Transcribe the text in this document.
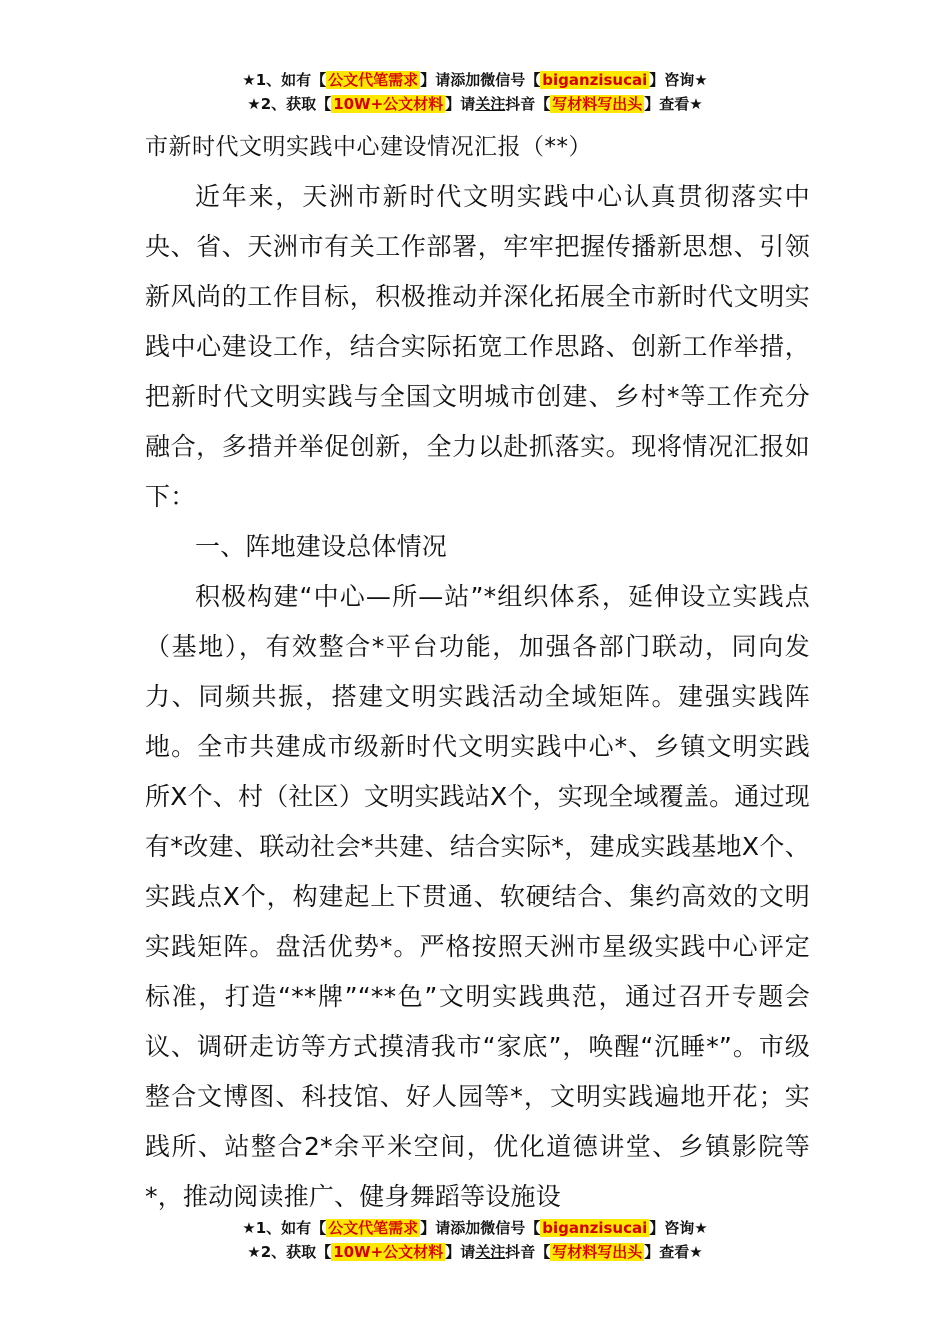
★1、如有【 公文代笔需求 】请添加微信号【 biganzisucai 】咨询★
★2、获取【 10W+公文材料 】请关注抖音【 写材料写出头 】查看★
市新时代文明实践中心建设情况汇报（**）

近年来，天洲市新时代文明实践中心认真贯彻落实中央、省、天洲市有关工作部署，牢牢把握传播新思想、引领新风尚的工作目标，积极推动并深化拓展全市新时代文明实践中心建设工作，结合实际拓宽工作思路、创新工作举措，把新时代文明实践与全国文明城市创建、乡村*等工作充分融合，多措并举促创新，全力以赴抓落实。现将情况汇报如下：

一、阵地建设总体情况

积极构建“中心—所—站”*组织体系，延伸设立实践点（基地），有效整合*平台功能，加强各部门联动，同向发力、同频共振，搭建文明实践活动全域矩阵。建强实践阵地。全市共建成市级新时代文明实践中心*、乡镇文明实践所X个、村（社区）文明实践站X个，实现全域覆盖。通过现有*改建、联动社会*共建、结合实际*，建成实践基地X个、实践点X个，构建起上下贯通、软硬结合、集约高效的文明实践矩阵。盘活优势*。严格按照天洲市星级实践中心评定标准，打造“**牌”“**色”文明实践典范，通过召开专题会议、调研走访等方式摸清我市“家底”，唤醒“沉睡*”。市级整合文博图、科技馆、好人园等*，文明实践遍地开花；实践所、站整合2*余平米空间，优化道德讲堂、乡镇影院等*，推动阅读推广、健身舞蹈等设施设

★1、如有【 公文代笔需求 】请添加微信号【 biganzisucai 】咨询★
★2、获取【 10W+公文材料 】请关注抖音【 写材料写出头 】查看★
